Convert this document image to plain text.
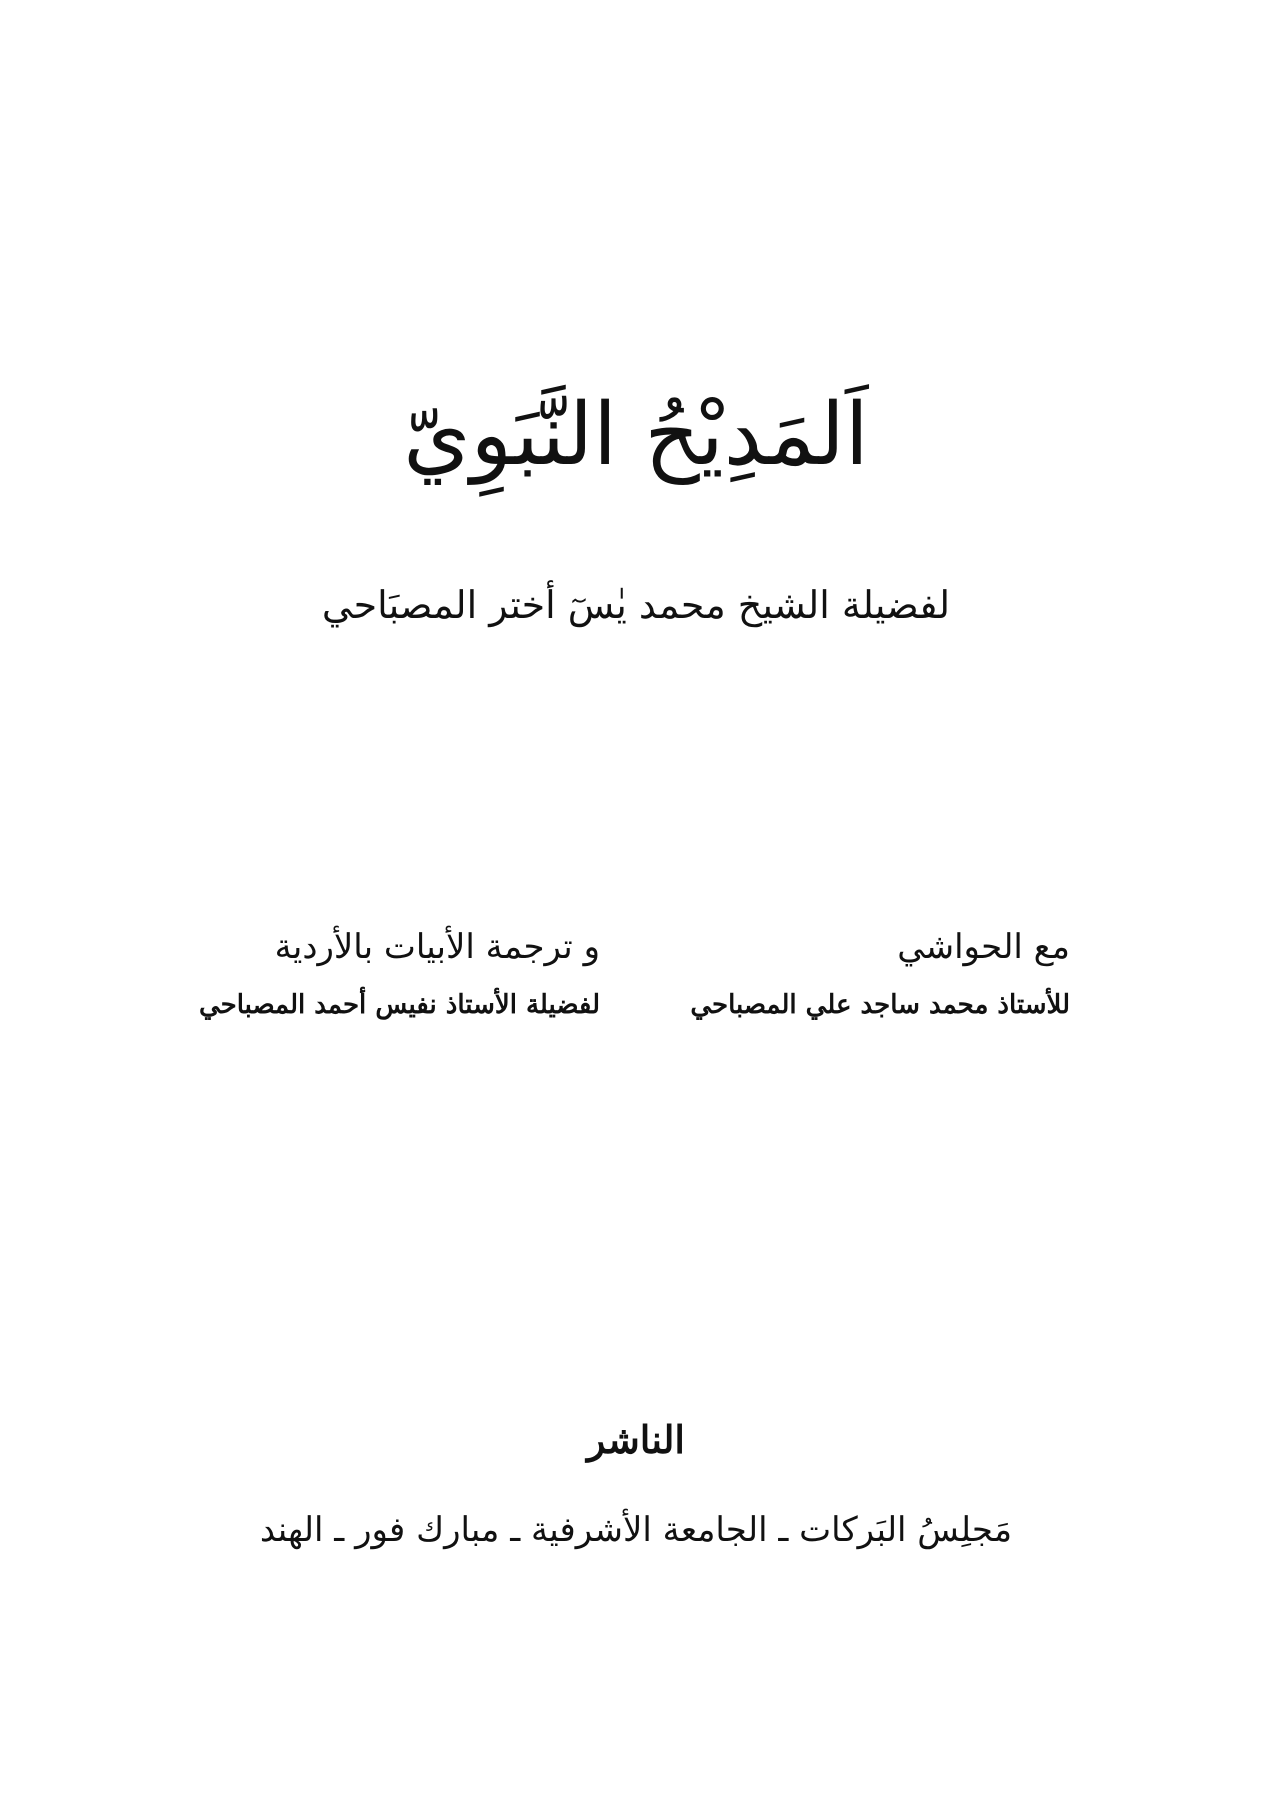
اَلمَدِيْحُ النَّبَوِيّ
لفضيلة الشيخ محمد يٰسٓ أختر المصبَاحي
مع الحواشي
للأستاذ محمد ساجد علي المصباحي
و ترجمة الأبيات بالأردية
لفضيلة الأستاذ نفيس أحمد المصباحي
الناشر
مَجلِسُ البَركات ـ الجامعة الأشرفية ـ مبارك فور ـ الهند
